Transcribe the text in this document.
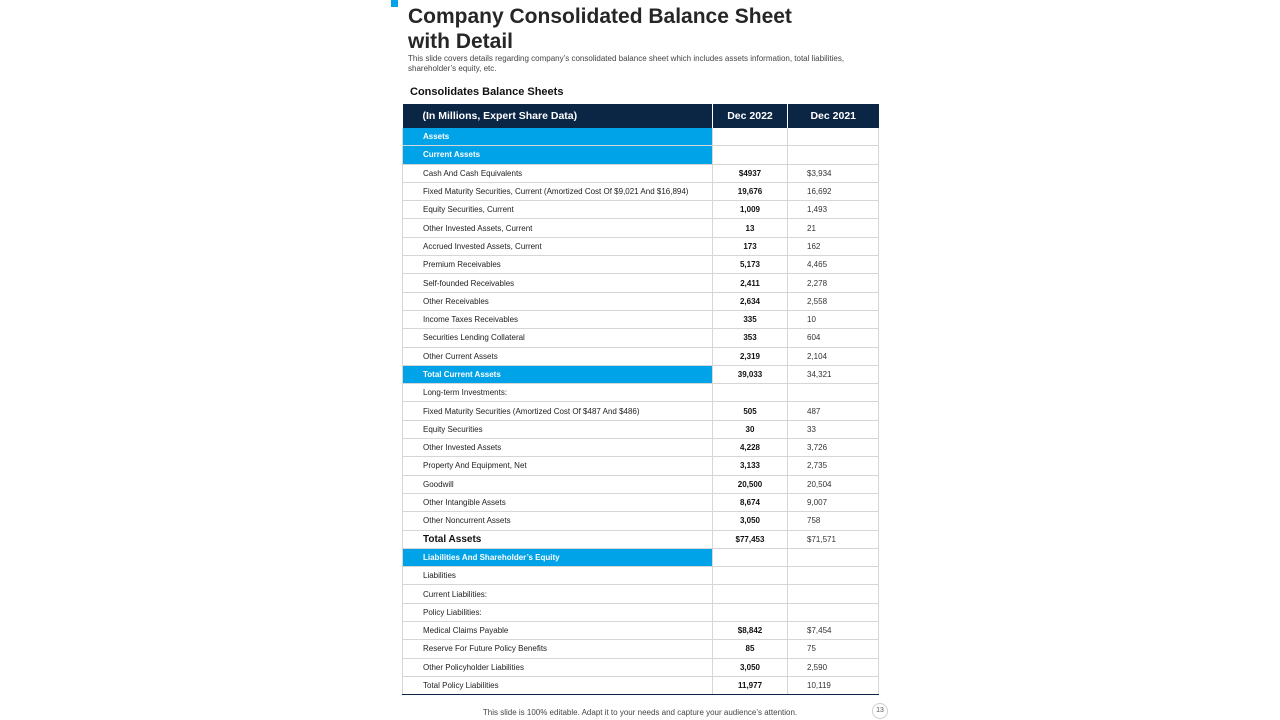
Company Consolidated Balance Sheet with Detail
This slide covers details regarding company’s consolidated balance sheet which includes assets information, total liabilities, shareholder’s equity, etc.
Consolidates Balance Sheets
(In Millions, Expert Share Data)	Dec 2022	Dec 2021
Assets		
Current Assets		
Cash And Cash Equivalents	$4937	$3,934
Fixed Maturity Securities, Current (Amortized Cost Of $9,021 And $16,894)	19,676	16,692
Equity Securities, Current	1,009	1,493
Other Invested Assets, Current	13	21
Accrued Invested Assets, Current	173	162
Premium Receivables	5,173	4,465
Self-founded Receivables	2,411	2,278
Other Receivables	2,634	2,558
Income Taxes Receivables	335	10
Securities Lending Collateral	353	604
Other Current Assets	2,319	2,104
Total Current Assets	39,033	34,321
Long-term Investments:		
Fixed Maturity Securities (Amortized Cost Of $487 And $486)	505	487
Equity Securities	30	33
Other Invested Assets	4,228	3,726
Property And Equipment, Net	3,133	2,735
Goodwill	20,500	20,504
Other Intangible Assets	8,674	9,007
Other Noncurrent Assets	3,050	758
Total Assets	$77,453	$71,571
Liabilities And Shareholder’s Equity		
Liabilities		
Current Liabilities:		
Policy Liabilities:		
Medical Claims Payable	$8,842	$7,454
Reserve For Future Policy Benefits	85	75
Other Policyholder Liabilities	3,050	2,590
Total Policy Liabilities	11,977	10,119
This slide is 100% editable. Adapt it to your needs and capture your audience’s attention.	13
